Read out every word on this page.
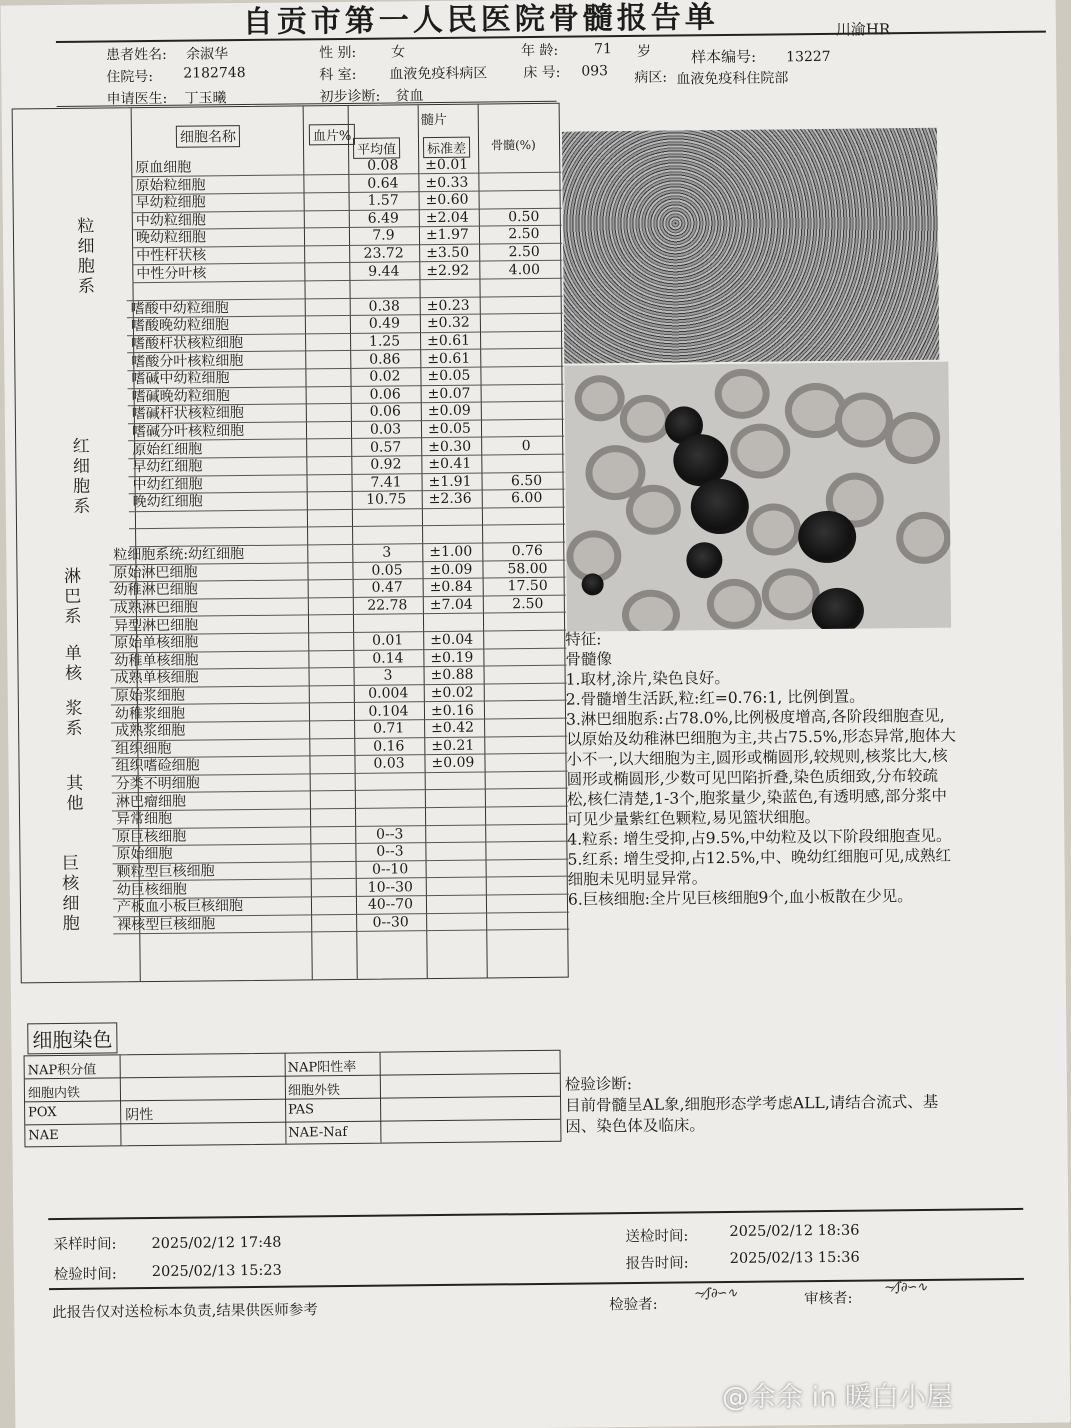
自贡市第一人民医院骨髓报告单	川渝HR
患者姓名: 余淑华	性 别: 女	年 龄:	71 岁	样本编号: 13227
住院号: 2182748	科 室: 血液免疫科病区	床 号: 093 病区: 血液免疫科住院部
申请医生: 丁玉曦	初步诊断: 贫血
细胞名称	血片%
髓片
平均值	标准差	骨髓(%)
粒细胞系
红细胞系
淋巴系
单核
浆系
其他
巨核细胞
原血细胞	0.08	±0.01
原始粒细胞	0.64	±0.33
早幼粒细胞	1.57	±0.60
中幼粒细胞	6.49	±2.04	0.50
晚幼粒细胞	7.9	±1.97	2.50
中性杆状核	23.72	±3.50	2.50
中性分叶核	9.44	±2.92	4.00
嗜酸中幼粒细胞	0.38	±0.23
嗜酸晚幼粒细胞	0.49	±0.32
嗜酸杆状核粒细胞	1.25	±0.61
嗜酸分叶核粒细胞	0.86	±0.61
嗜碱中幼粒细胞	0.02	±0.05
嗜碱晚幼粒细胞	0.06	±0.07
嗜碱杆状核粒细胞	0.06	±0.09
嗜碱分叶核粒细胞	0.03	±0.05
原始红细胞	0.57	±0.30	0
早幼红细胞	0.92	±0.41
中幼红细胞	7.41	±1.91	6.50
晚幼红细胞	10.75	±2.36	6.00
粒细胞系统:幼红细胞	3	±1.00	0.76
原始淋巴细胞	0.05	±0.09	58.00
幼稚淋巴细胞	0.47	±0.84	17.50
成熟淋巴细胞	22.78	±7.04	2.50
异型淋巴细胞
原始单核细胞	0.01	±0.04
幼稚单核细胞	0.14	±0.19
成熟单核细胞	3	±0.88
原始浆细胞	0.004	±0.02
幼稚浆细胞	0.104	±0.16
成熟浆细胞	0.71	±0.42
组织细胞	0.16	±0.21
组织嗜硷细胞	0.03	±0.09
分类不明细胞
淋巴瘤细胞
异常细胞
原巨核细胞	0--3
原始细胞	0--3
颗粒型巨核细胞	0--10
幼巨核细胞	10--30
产板血小板巨核细胞	40--70
裸核型巨核细胞	0--30
特征:
骨髓像
1.取材,涂片,染色良好。
2.骨髓增生活跃,粒:红=0.76:1, 比例倒置。
3.淋巴细胞系:占78.0%,比例极度增高,各阶段细胞查见,以原始及幼稚淋巴细胞为主,共占75.5%,形态异常,胞体大小不一,以大细胞为主,圆形或椭圆形,较规则,核浆比大,核圆形或椭圆形,少数可见凹陷折叠,染色质细致,分布较疏松,核仁清楚,1-3个,胞浆量少,染蓝色,有透明感,部分浆中可见少量紫红色颗粒,易见篮状细胞。
4.粒系: 增生受抑,占9.5%,中幼粒及以下阶段细胞查见。
5.红系: 增生受抑,占12.5%,中、晚幼红细胞可见,成熟红细胞未见明显异常。
6.巨核细胞:全片见巨核细胞9个,血小板散在少见。
细胞染色
NAP积分值	NAP阳性率
细胞内铁	细胞外铁
POX	阴性	PAS
NAE	NAE-Naf
检验诊断:
目前骨髓呈AL象,细胞形态学考虑ALL,请结合流式、基因、染色体及临床。
采样时间: 2025/02/12 17:48	送检时间:	2025/02/12 18:36
检验时间: 2025/02/13 15:23	报告时间:	2025/02/13 15:36
此报告仅对送检标本负责,结果供医师参考	检验者:
~⁄∫∂∽∿	审核者:
~⁄∫∂∽∿
@余余 in 暖白小屋
